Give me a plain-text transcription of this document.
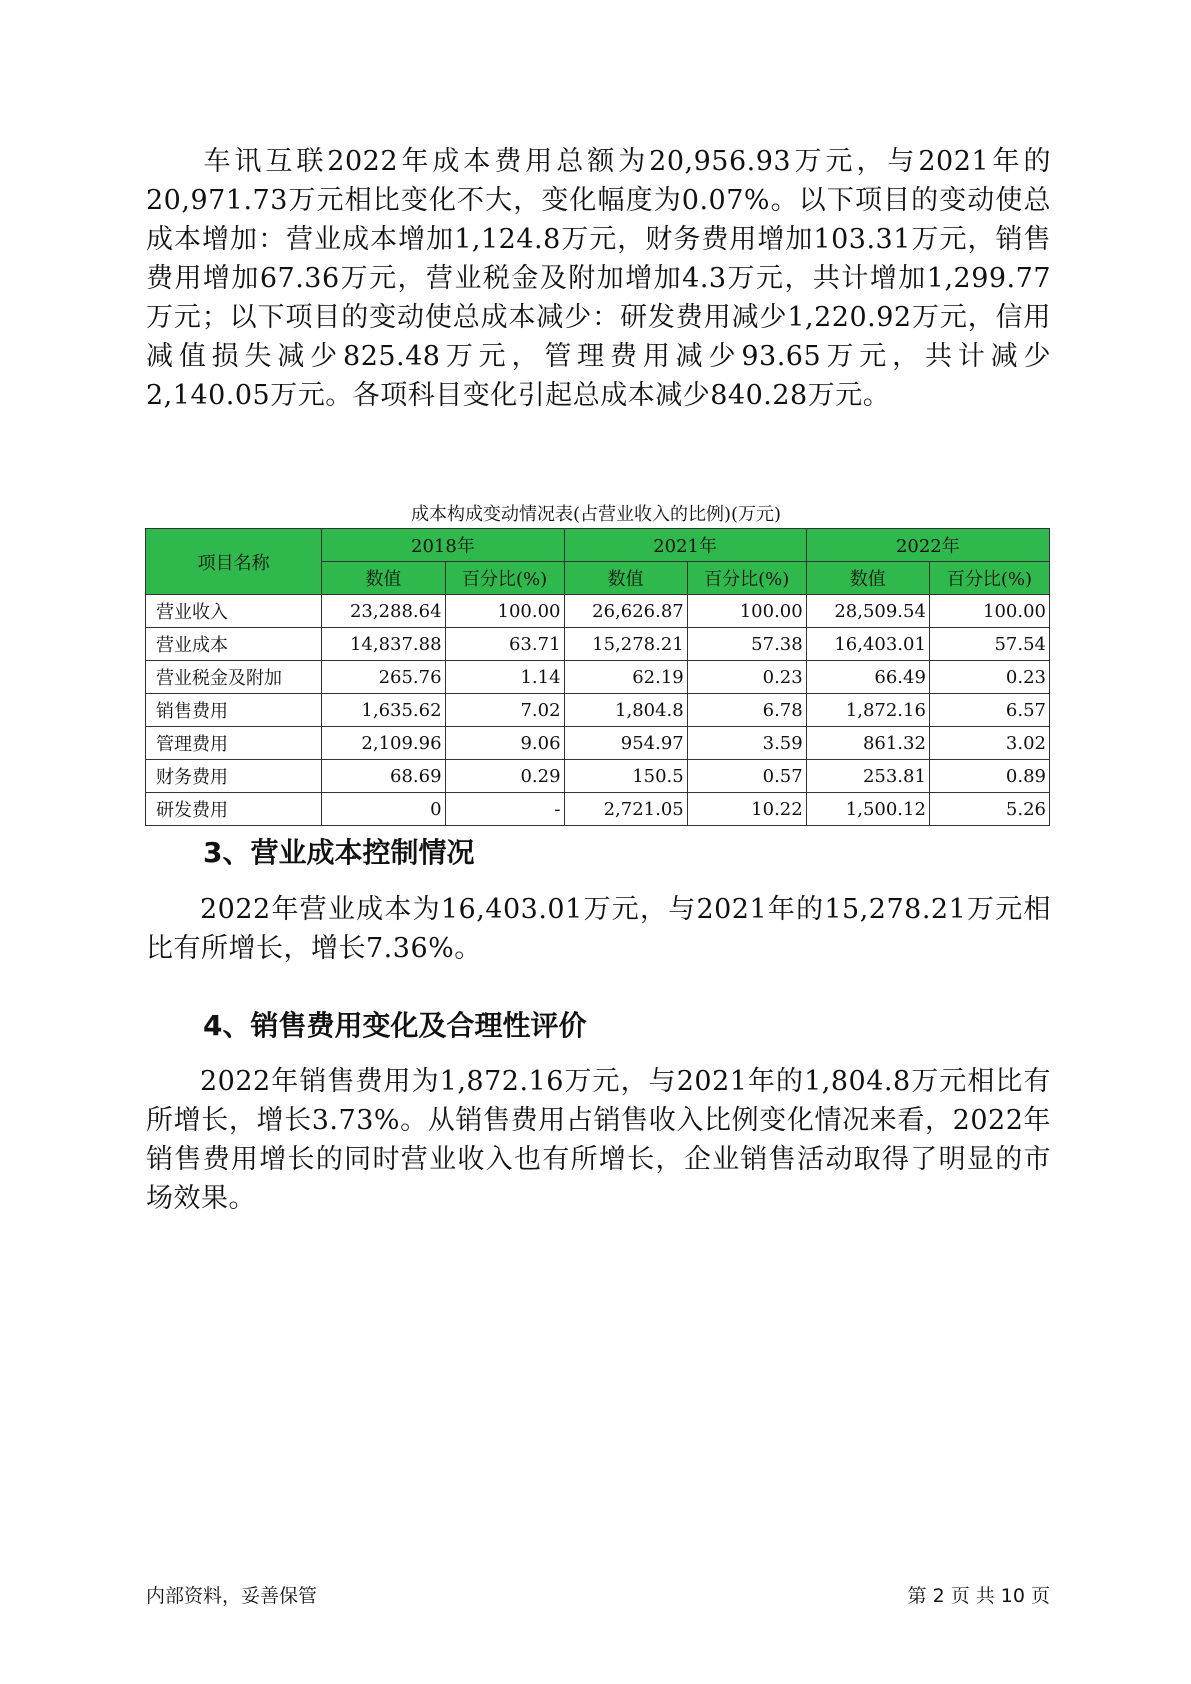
车讯互联2022年成本费用总额为20,956.93万元，与2021年的20,971.73万元相比变化不大，变化幅度为0.07%。以下项目的变动使总成本增加：营业成本增加1,124.8万元，财务费用增加103.31万元，销售费用增加67.36万元，营业税金及附加增加4.3万元，共计增加1,299.77万元；以下项目的变动使总成本减少：研发费用减少1,220.92万元，信用减值损失减少825.48万元，管理费用减少93.65万元，共计减少2,140.05万元。各项科目变化引起总成本减少840.28万元。

成本构成变动情况表(占营业收入的比例)(万元)
项目名称	2018年		2021年		2022年	
	数值	百分比(%)	数值	百分比(%)	数值	百分比(%)
营业收入	23,288.64	100.00	26,626.87	100.00	28,509.54	100.00
营业成本	14,837.88	63.71	15,278.21	57.38	16,403.01	57.54
营业税金及附加	265.76	1.14	62.19	0.23	66.49	0.23
销售费用	1,635.62	7.02	1,804.8	6.78	1,872.16	6.57
管理费用	2,109.96	9.06	954.97	3.59	861.32	3.02
财务费用	68.69	0.29	150.5	0.57	253.81	0.89
研发费用	0	-	2,721.05	10.22	1,500.12	5.26
3、营业成本控制情况

2022年营业成本为16,403.01万元，与2021年的15,278.21万元相比有所增长，增长7.36%。

4、销售费用变化及合理性评价

2022年销售费用为1,872.16万元，与2021年的1,804.8万元相比有所增长，增长3.73%。从销售费用占销售收入比例变化情况来看，2022年销售费用增长的同时营业收入也有所增长，企业销售活动取得了明显的市场效果。

内部资料，妥善保管	第 2 页 共 10 页
